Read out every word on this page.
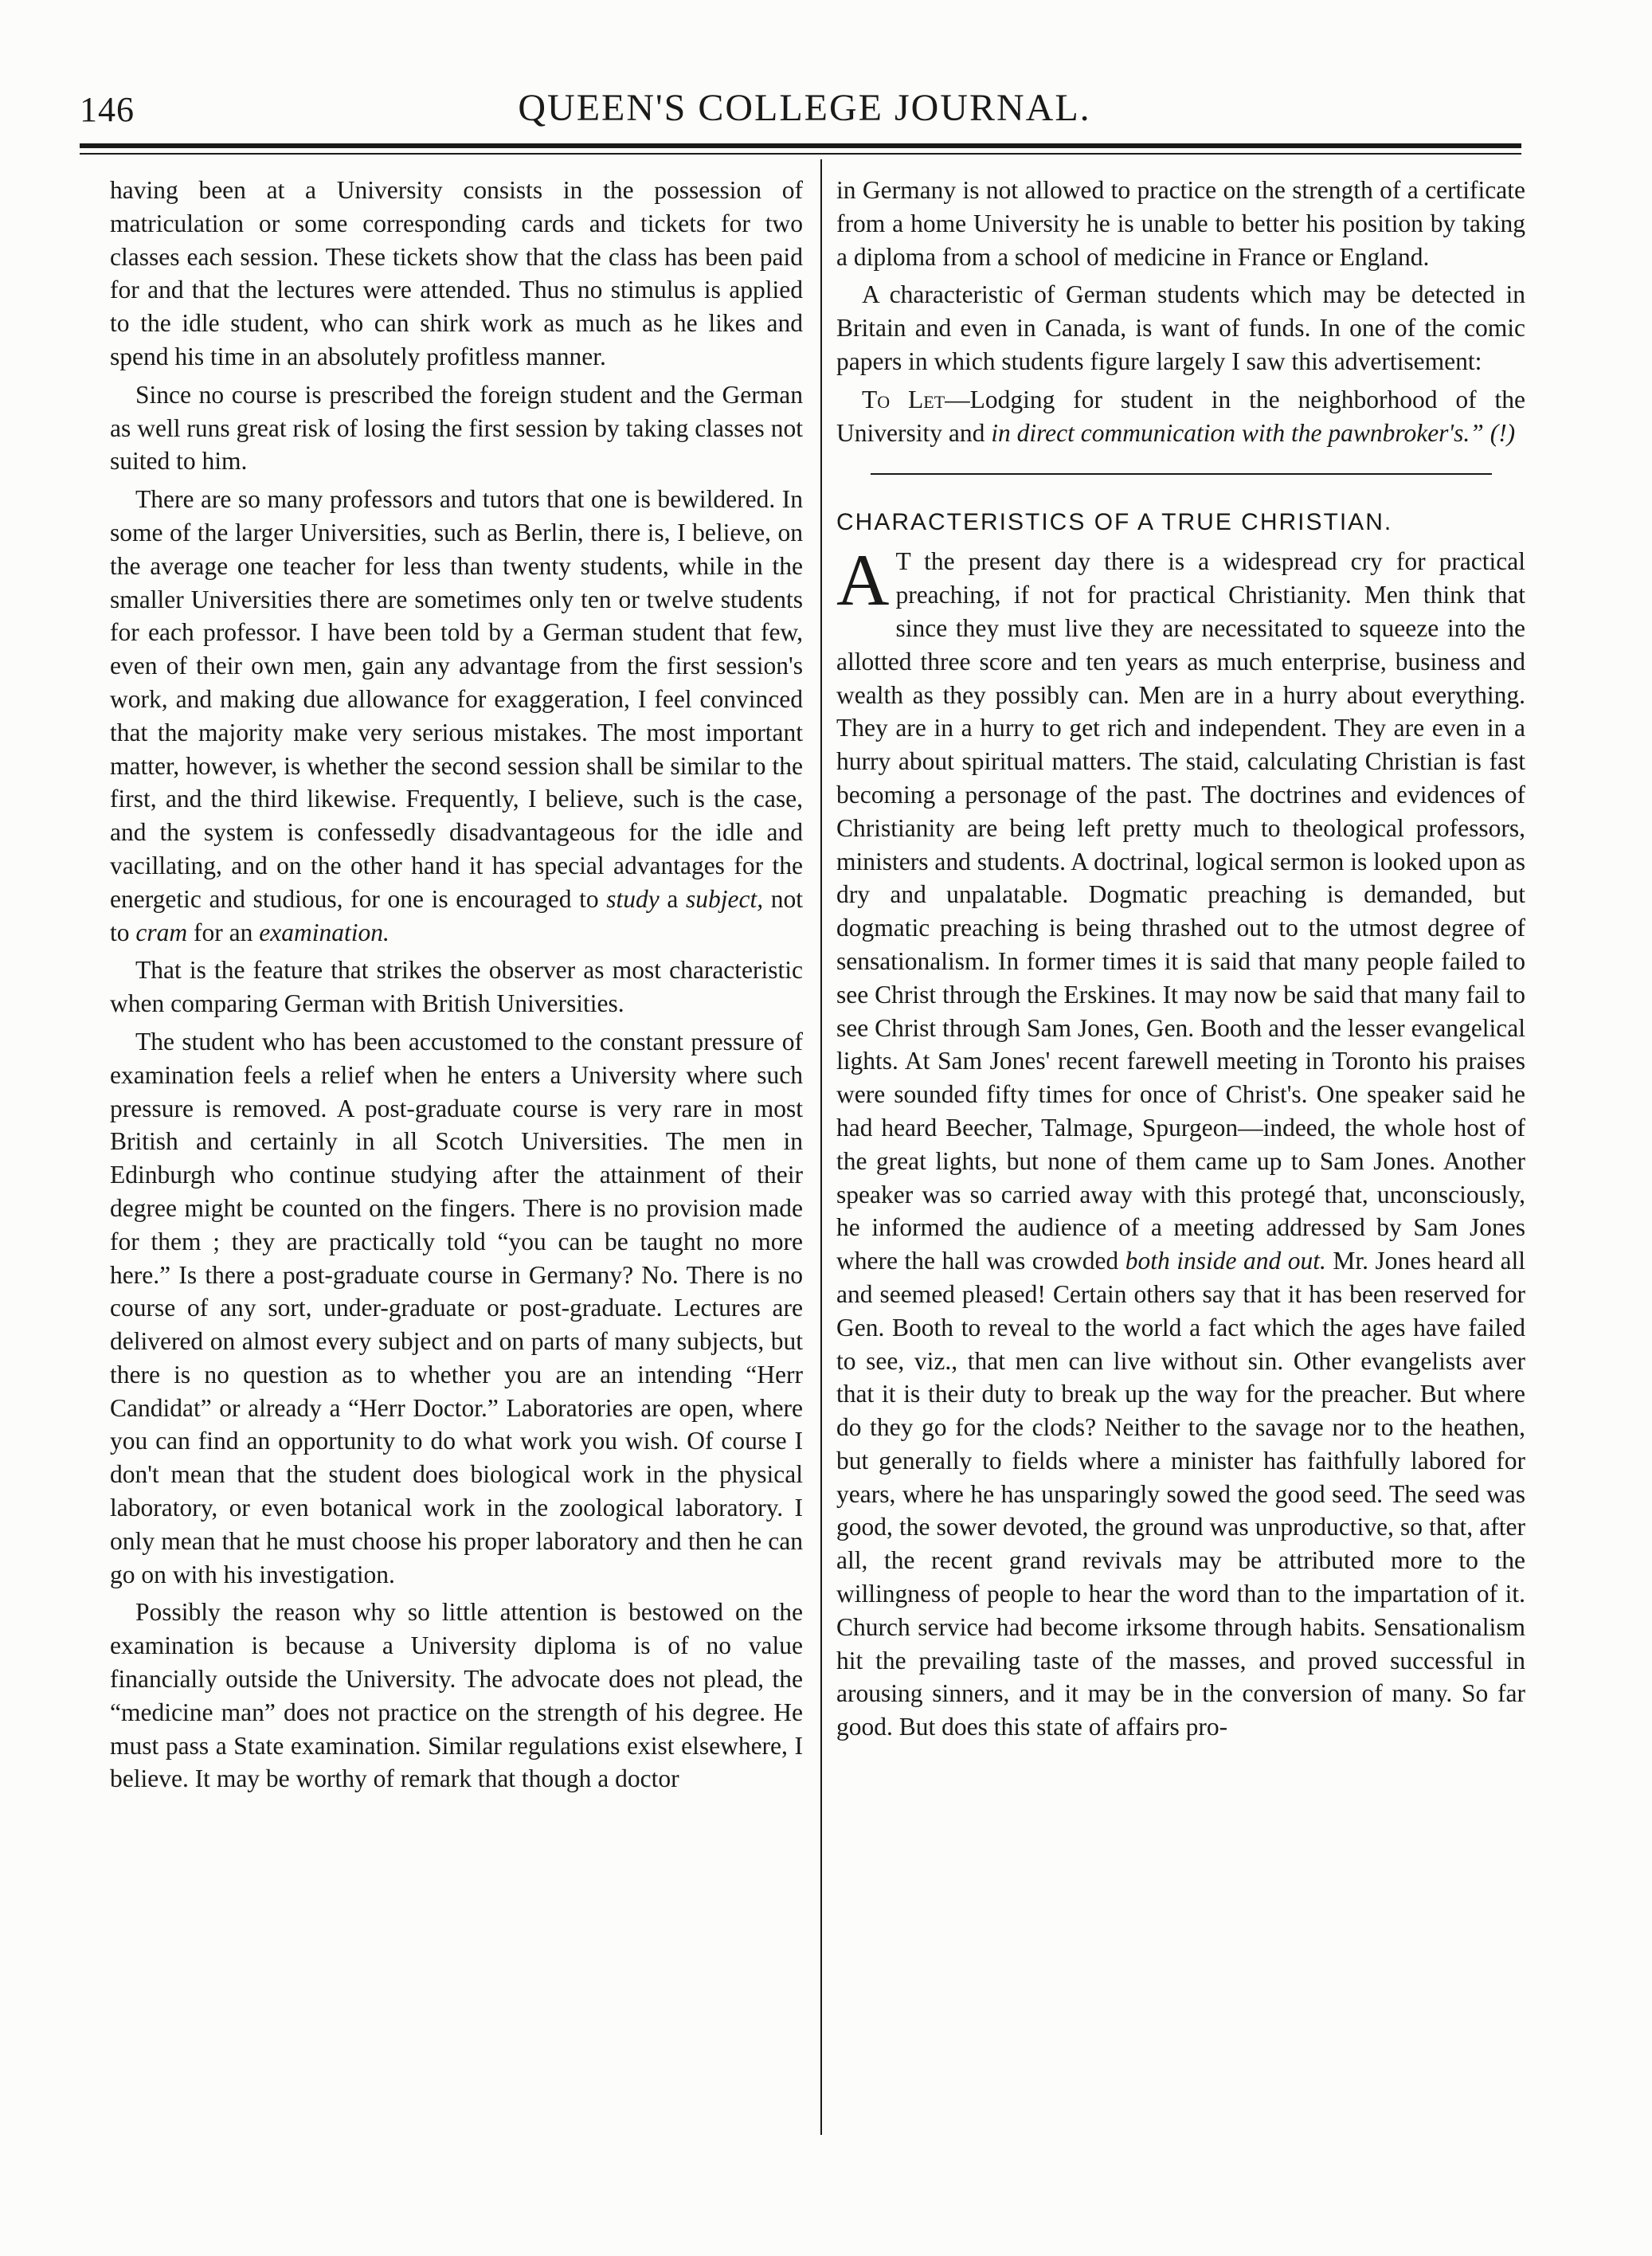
146	QUEEN'S COLLEGE JOURNAL.

having been at a University consists in the possession of matriculation or some corresponding cards and tickets for two classes each session. These tickets show that the class has been paid for and that the lectures were attended. Thus no stimulus is applied to the idle student, who can shirk work as much as he likes and spend his time in an absolutely profitless manner.

Since no course is prescribed the foreign student and the German as well runs great risk of losing the first session by taking classes not suited to him.

There are so many professors and tutors that one is bewildered. In some of the larger Universities, such as Berlin, there is, I believe, on the average one teacher for less than twenty students, while in the smaller Universities there are sometimes only ten or twelve students for each professor. I have been told by a German student that few, even of their own men, gain any advantage from the first session's work, and making due allowance for exaggeration, I feel convinced that the majority make very serious mistakes. The most important matter, however, is whether the second session shall be similar to the first, and the third likewise. Frequently, I believe, such is the case, and the system is confessedly disadvantageous for the idle and vacillating, and on the other hand it has special advantages for the energetic and studious, for one is encouraged to study a subject, not to cram for an examination.

That is the feature that strikes the observer as most characteristic when comparing German with British Universities.

The student who has been accustomed to the constant pressure of examination feels a relief when he enters a University where such pressure is removed. A post-graduate course is very rare in most British and certainly in all Scotch Universities. The men in Edinburgh who continue studying after the attainment of their degree might be counted on the fingers. There is no provision made for them ; they are practically told “you can be taught no more here.” Is there a post-graduate course in Germany? No. There is no course of any sort, under-graduate or post-graduate. Lectures are delivered on almost every subject and on parts of many subjects, but there is no question as to whether you are an intending “Herr Candidat” or already a “Herr Doctor.” Laboratories are open, where you can find an opportunity to do what work you wish. Of course I don't mean that the student does biological work in the physical laboratory, or even botanical work in the zoological laboratory. I only mean that he must choose his proper laboratory and then he can go on with his investigation.

Possibly the reason why so little attention is bestowed on the examination is because a University diploma is of no value financially outside the University. The advocate does not plead, the “medicine man” does not practice on the strength of his degree. He must pass a State examination. Similar regulations exist elsewhere, I believe. It may be worthy of remark that though a doctor

in Germany is not allowed to practice on the strength of a certificate from a home University he is unable to better his position by taking a diploma from a school of medicine in France or England.

A characteristic of German students which may be detected in Britain and even in Canada, is want of funds. In one of the comic papers in which students figure largely I saw this advertisement:

To Let—Lodging for student in the neighborhood of the University and in direct communication with the pawnbroker's.” (!)

CHARACTERISTICS OF A TRUE CHRISTIAN.

A T the present day there is a widespread cry for practical preaching, if not for practical Christianity. Men think that since they must live they are necessitated to squeeze into the allotted three score and ten years as much enterprise, business and wealth as they possibly can. Men are in a hurry about everything. They are in a hurry to get rich and independent. They are even in a hurry about spiritual matters. The staid, calculating Christian is fast becoming a personage of the past. The doctrines and evidences of Christianity are being left pretty much to theological professors, ministers and students. A doctrinal, logical sermon is looked upon as dry and unpalatable. Dogmatic preaching is demanded, but dogmatic preaching is being thrashed out to the utmost degree of sensationalism. In former times it is said that many people failed to see Christ through the Erskines. It may now be said that many fail to see Christ through Sam Jones, Gen. Booth and the lesser evangelical lights. At Sam Jones' recent farewell meeting in Toronto his praises were sounded fifty times for once of Christ's. One speaker said he had heard Beecher, Talmage, Spurgeon—indeed, the whole host of the great lights, but none of them came up to Sam Jones. Another speaker was so carried away with this protegé that, unconsciously, he informed the audience of a meeting addressed by Sam Jones where the hall was crowded both inside and out. Mr. Jones heard all and seemed pleased! Certain others say that it has been reserved for Gen. Booth to reveal to the world a fact which the ages have failed to see, viz., that men can live without sin. Other evangelists aver that it is their duty to break up the way for the preacher. But where do they go for the clods? Neither to the savage nor to the heathen, but generally to fields where a minister has faithfully labored for years, where he has unsparingly sowed the good seed. The seed was good, the sower devoted, the ground was unproductive, so that, after all, the recent grand revivals may be attributed more to the willingness of people to hear the word than to the impartation of it. Church service had become irksome through habits. Sensationalism hit the prevailing taste of the masses, and proved successful in arousing sinners, and it may be in the conversion of many. So far good. But does this state of affairs pro-
